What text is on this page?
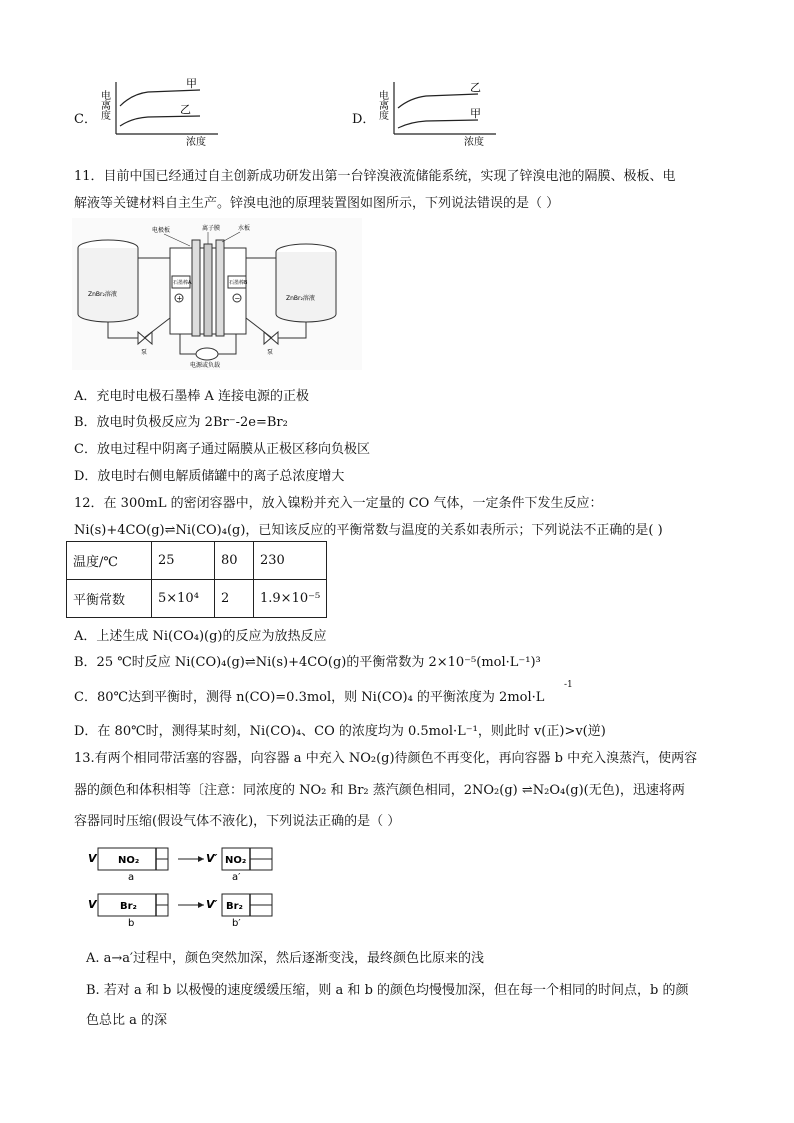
C． 电离度
甲
乙
浓度
D． 电离度
乙
甲
浓度
11．目前中国已经通过自主创新成功研发出第一台锌溴液流储能系统，实现了锌溴电池的隔膜、极板、电
解液等关键材料自主生产。锌溴电池的原理装置图如图所示，下列说法错误的是（ ）
ZnBr₂溶液
ZnBr₂溶液
石墨棒A	石墨棒B
+	−
电极板	离子膜	水板
泵	泵
电源或负载
A．充电时电极石墨棒 A 连接电源的正极
B．放电时负极反应为 2Br⁻-2e=Br₂
C．放电过程中阴离子通过隔膜从正极区移向负极区
D．放电时右侧电解质储罐中的离子总浓度增大
12．在 300mL 的密闭容器中，放入镍粉并充入一定量的 CO 气体，一定条件下发生反应：
Ni(s)+4CO(g)⇌Ni(CO)₄(g)，已知该反应的平衡常数与温度的关系如表所示；下列说法不正确的是( )
温度/℃	25	80	230
平衡常数	5×10⁴	2	1.9×10⁻⁵
A．上述生成 Ni(CO₄)(g)的反应为放热反应
B．25 ℃时反应 Ni(CO)₄(g)⇌Ni(s)+4CO(g)的平衡常数为 2×10⁻⁵(mol·L⁻¹)³
C．80℃达到平衡时，测得 n(CO)=0.3mol，则 Ni(CO)₄ 的平衡浓度为 2mol·L
-1
D．在 80℃时，测得某时刻，Ni(CO)₄、CO 的浓度均为 0.5mol·L⁻¹，则此时 v(正)>v(逆)
13.有两个相同带活塞的容器，向容器 a 中充入 NO₂(g)待颜色不再变化，再向容器 b 中充入溴蒸汽，使两容
器的颜色和体积相等〔注意：同浓度的 NO₂ 和 Br₂ 蒸汽颜色相同，2NO₂(g) ⇌N₂O₄(g)(无色)，迅速将两
容器同时压缩(假设气体不液化)，下列说法正确的是（ ）
V NO₂
a
V′ NO₂
a′
V Br₂
b
V′ Br₂
b′
A. a→a′过程中，颜色突然加深，然后逐渐变浅，最终颜色比原来的浅
B. 若对 a 和 b 以极慢的速度缓缓压缩，则 a 和 b 的颜色均慢慢加深，但在每一个相同的时间点，b 的颜
色总比 a 的深
